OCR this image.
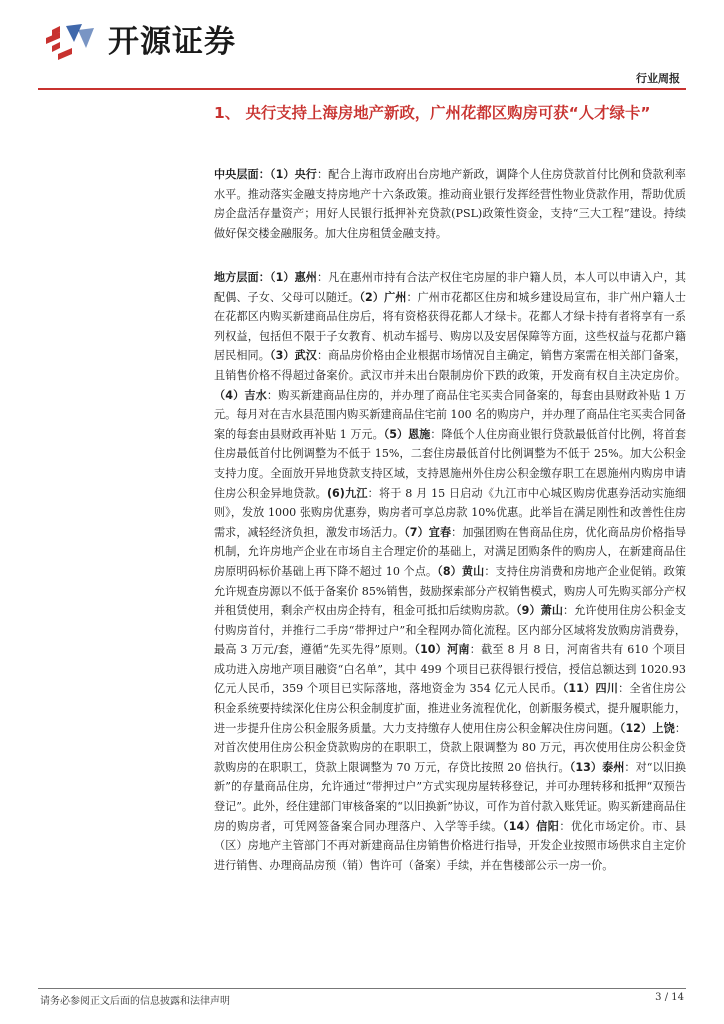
开源证券
行业周报
1、 央行支持上海房地产新政，广州花都区购房可获“人才绿卡”

中央层面：（1）央行：配合上海市政府出台房地产新政，调降个人住房贷款首付比例和贷款利率水平。推动落实金融支持房地产十六条政策。推动商业银行发挥经营性物业贷款作用，帮助优质房企盘活存量资产；用好人民银行抵押补充贷款(PSL)政策性资金，支持“三大工程”建设。持续做好保交楼金融服务。加大住房租赁金融支持。

地方层面：（1）惠州：凡在惠州市持有合法产权住宅房屋的非户籍人员，本人可以申请入户，其配偶、子女、父母可以随迁。（2）广州：广州市花都区住房和城乡建设局宣布，非广州户籍人士在花都区内购买新建商品住房后，将有资格获得花都人才绿卡。花都人才绿卡持有者将享有一系列权益，包括但不限于子女教育、机动车摇号、购房以及安居保障等方面，这些权益与花都户籍居民相同。（3）武汉：商品房价格由企业根据市场情况自主确定，销售方案需在相关部门备案，且销售价格不得超过备案价。武汉市并未出台限制房价下跌的政策，开发商有权自主决定房价。（4）吉水：购买新建商品住房的，并办理了商品住宅买卖合同备案的，每套由县财政补贴 1 万元。每月对在吉水县范围内购买新建商品住宅前 100 名的购房户，并办理了商品住宅买卖合同备案的每套由县财政再补贴 1 万元。（5）恩施：降低个人住房商业银行贷款最低首付比例，将首套住房最低首付比例调整为不低于 15%，二套住房最低首付比例调整为不低于 25%。加大公积金支持力度。全面放开异地贷款支持区域，支持恩施州外住房公积金缴存职工在恩施州内购房申请住房公积金异地贷款。(6)九江：将于 8 月 15 日启动《九江市中心城区购房优惠券活动实施细则》，发放 1000 张购房优惠券，购房者可享总房款 10%优惠。此举旨在满足刚性和改善性住房需求，减轻经济负担，激发市场活力。（7）宜春：加强团购在售商品住房，优化商品房价格指导机制，允许房地产企业在市场自主合理定价的基础上，对满足团购条件的购房人，在新建商品住房原明码标价基础上再下降不超过 10 个点。（8）黄山：支持住房消费和房地产企业促销。政策允许规查房源以不低于备案价 85%销售，鼓励探索部分产权销售模式，购房人可先购买部分产权并租赁使用，剩余产权由房企持有，租金可抵扣后续购房款。（9）萧山：允许使用住房公积金支付购房首付，并推行二手房“带押过户”和全程网办简化流程。区内部分区域将发放购房消费券，最高 3 万元/套，遵循“先买先得”原则。（10）河南：截至 8 月 8 日，河南省共有 610 个项目成功进入房地产项目融资“白名单”，其中 499 个项目已获得银行授信，授信总额达到 1020.93 亿元人民币，359 个项目已实际落地，落地资金为 354 亿元人民币。（11）四川：全省住房公积金系统要持续深化住房公积金制度扩面，推进业务流程优化，创新服务模式，提升履职能力，进一步提升住房公积金服务质量。大力支持缴存人使用住房公积金解决住房问题。（12）上饶：对首次使用住房公积金贷款购房的在职职工，贷款上限调整为 80 万元，再次使用住房公积金贷款购房的在职职工，贷款上限调整为 70 万元，存贷比按照 20 倍执行。（13）泰州：对“以旧换新”的存量商品住房，允许通过“带押过户”方式实现房屋转移登记，并可办理转移和抵押“双预告登记”。此外，经住建部门审核备案的“以旧换新”协议，可作为首付款入账凭证。购买新建商品住房的购房者，可凭网签备案合同办理落户、入学等手续。（14）信阳：优化市场定价。市、县（区）房地产主管部门不再对新建商品住房销售价格进行指导，开发企业按照市场供求自主定价进行销售、办理商品房预（销）售许可（备案）手续，并在售楼部公示一房一价。

请务必参阅正文后面的信息披露和法律声明	3 / 14
